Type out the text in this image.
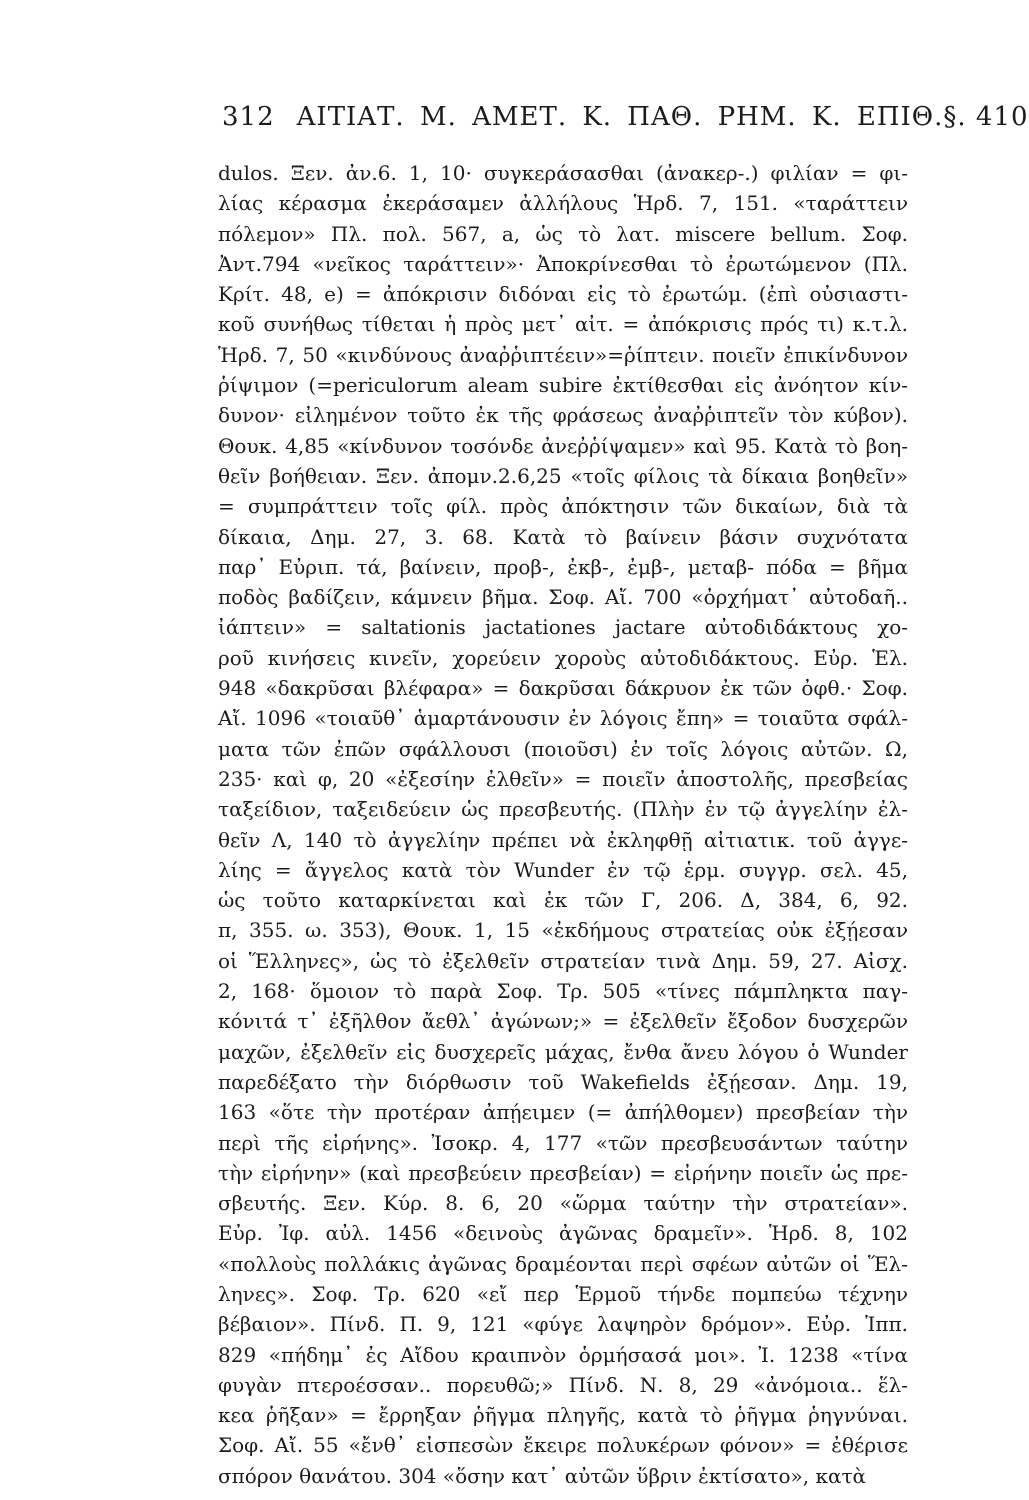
312 ΑΙΤΙΑΤ. Μ. ΑΜΕΤ. Κ. ΠΑΘ. ΡΗΜ. Κ. ΕΠΙΘ. §. 410
dulos. Ξεν. ἀν.6. 1, 10· συγκεράσασθαι (ἀνακερ-.) φιλίαν = φι-
λίας κέρασμα ἐκεράσαμεν ἀλλήλους Ἡρδ. 7, 151. «ταράττειν
πόλεμον» Πλ. πολ. 567, a, ὡς τὸ λατ. miscere bellum. Σοφ.
Ἀντ.794 «νεῖκος ταράττειν»· Ἀποκρίνεσθαι τὸ ἐρωτώμενον (Πλ.
Κρίτ. 48, e) = ἀπόκρισιν διδόναι εἰς τὸ ἐρωτώμ. (ἐπὶ οὐσιαστι-
κοῦ συνήθως τίθεται ἡ πρὸς μετ᾽ αἰτ. = ἀπόκρισις πρός τι) κ.τ.λ.
Ἡρδ. 7, 50 «κινδύνους ἀναῤῥιπτέειν»=ῥίπτειν. ποιεῖν ἐπικίνδυνον
ῥίψιμον (=periculorum aleam subire ἐκτίθεσθαι εἰς ἀνόητον κίν-
δυνον· εἰλημένον τοῦτο ἐκ τῆς φράσεως ἀναῤῥιπτεῖν τὸν κύβον).
Θουκ. 4,85 «κίνδυνον τοσόνδε ἀνεῤῥίψαμεν» καὶ 95. Κατὰ τὸ βοη-
θεῖν βοήθειαν. Ξεν. ἀπομν.2.6,25 «τοῖς φίλοις τὰ δίκαια βοηθεῖν»
= συμπράττειν τοῖς φίλ. πρὸς ἀπόκτησιν τῶν δικαίων, διὰ τὰ
δίκαια, Δημ. 27, 3. 68. Κατὰ τὸ βαίνειν βάσιν συχνότατα
παρ᾽ Εὐριπ. τά, βαίνειν, προβ-, ἐκβ-, ἐμβ-, μεταβ- πόδα = βῆμα
ποδὸς βαδίζειν, κάμνειν βῆμα. Σοφ. Αἴ. 700 «ὀρχήματ᾽ αὐτοδαῆ..
ἰάπτειν» = saltationis jactationes jactare αὐτοδιδάκτους χο-
ροῦ κινήσεις κινεῖν, χορεύειν χοροὺς αὐτοδιδάκτους. Εὐρ. Ἑλ.
948 «δακρῦσαι βλέφαρα» = δακρῦσαι δάκρυον ἐκ τῶν ὀφθ.· Σοφ.
Αἴ. 1096 «τοιαῦθ᾽ ἁμαρτάνουσιν ἐν λόγοις ἔπη» = τοιαῦτα σφάλ-
ματα τῶν ἐπῶν σφάλλουσι (ποιοῦσι) ἐν τοῖς λόγοις αὐτῶν. Ω,
235· καὶ φ, 20 «ἐξεσίην ἐλθεῖν» = ποιεῖν ἀποστολῆς, πρεσβείας
ταξείδιον, ταξειδεύειν ὡς πρεσβευτής. (Πλὴν ἐν τῷ ἀγγελίην ἐλ-
θεῖν Λ, 140 τὸ ἀγγελίην πρέπει νὰ ἐκληφθῇ αἰτιατικ. τοῦ ἀγγε-
λίης = ἄγγελος κατὰ τὸν Wunder ἐν τῷ ἑρμ. συγγρ. σελ. 45,
ὡς τοῦτο καταρκίνεται καὶ ἐκ τῶν Γ, 206. Δ, 384, 6, 92.
π, 355. ω. 353), Θουκ. 1, 15 «ἐκδήμους στρατείας οὐκ ἐξῄεσαν
οἱ Ἕλληνες», ὡς τὸ ἐξελθεῖν στρατείαν τινὰ Δημ. 59, 27. Αἰσχ.
2, 168· ὅμοιον τὸ παρὰ Σοφ. Τρ. 505 «τίνες πάμπληκτα παγ-
κόνιτά τ᾽ ἐξῆλθον ἄεθλ᾽ ἀγώνων;» = ἐξελθεῖν ἔξοδον δυσχερῶν
μαχῶν, ἐξελθεῖν εἰς δυσχερεῖς μάχας, ἔνθα ἄνευ λόγου ὁ Wunder
παρεδέξατο τὴν διόρθωσιν τοῦ Wakefields ἐξῄεσαν. Δημ. 19,
163 «ὅτε τὴν προτέραν ἀπῄειμεν (= ἀπήλθομεν) πρεσβείαν τὴν
περὶ τῆς εἰρήνης». Ἰσοκρ. 4, 177 «τῶν πρεσβευσάντων ταύτην
τὴν εἰρήνην» (καὶ πρεσβεύειν πρεσβείαν) = εἰρήνην ποιεῖν ὡς πρε-
σβευτής. Ξεν. Κύρ. 8. 6, 20 «ὥρμα ταύτην τὴν στρατείαν».
Εὐρ. Ἰφ. αὐλ. 1456 «δεινοὺς ἀγῶνας δραμεῖν». Ἡρδ. 8, 102
«πολλοὺς πολλάκις ἀγῶνας δραμέονται περὶ σφέων αὐτῶν οἱ Ἕλ-
ληνες». Σοφ. Τρ. 620 «εἴ περ Ἑρμοῦ τήνδε πομπεύω τέχνην
βέβαιον». Πίνδ. Π. 9, 121 «φύγε λαψηρὸν δρόμον». Εὐρ. Ἱππ.
829 «πήδημ᾽ ἐς Αἴδου κραιπνὸν ὁρμήσασά μοι». Ἰ. 1238 «τίνα
φυγὰν πτεροέσσαν.. πορευθῶ;» Πίνδ. Ν. 8, 29 «ἀνόμοια.. ἕλ-
κεα ῥῆξαν» = ἔρρηξαν ῥῆγμα πληγῆς, κατὰ τὸ ῥῆγμα ῥηγνύναι.
Σοφ. Αἴ. 55 «ἔνθ᾽ εἰσπεσὼν ἔκειρε πολυκέρων φόνον» = ἐθέρισε
σπόρον θανάτου. 304 «ὅσην κατ᾽ αὐτῶν ὕβριν ἐκτίσατο», κατὰ
